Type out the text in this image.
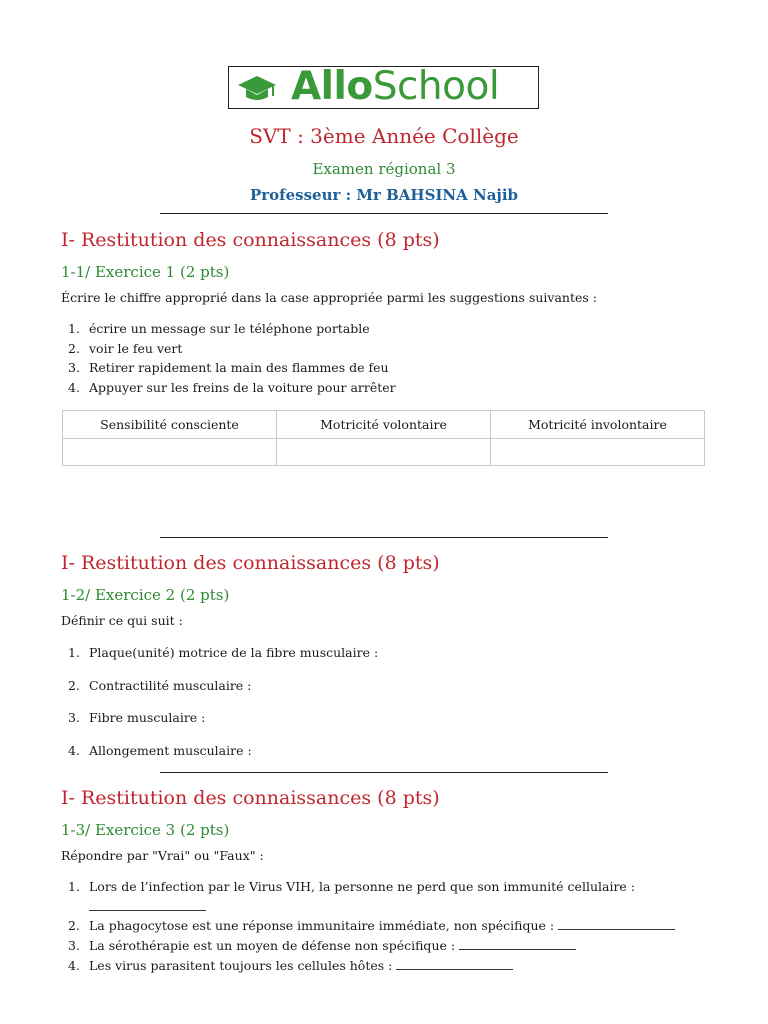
AlloSchool
SVT : 3ème Année Collège
Examen régional 3
Professeur : Mr BAHSINA Najib
I- Restitution des connaissances (8 pts)
1-1/ Exercice 1 (2 pts)
Écrire le chiffre approprié dans la case appropriée parmi les suggestions suivantes :
1. écrire un message sur le téléphone portable
2. voir le feu vert
3. Retirer rapidement la main des flammes de feu
4. Appuyer sur les freins de la voiture pour arrêter
Sensibilité consciente	Motricité volontaire	Motricité involontaire

I- Restitution des connaissances (8 pts)
1-2/ Exercice 2 (2 pts)
Définir ce qui suit :
1. Plaque(unité) motrice de la fibre musculaire :
2. Contractilité musculaire :
3. Fibre musculaire :
4. Allongement musculaire :
I- Restitution des connaissances (8 pts)
1-3/ Exercice 3 (2 pts)
Répondre par "Vrai" ou "Faux" :
1. Lors de l’infection par le Virus VIH, la personne ne perd que son immunité cellulaire :
2. La phagocytose est une réponse immunitaire immédiate, non spécifique :
3. La sérothérapie est un moyen de défense non spécifique :
4. Les virus parasitent toujours les cellules hôtes :
